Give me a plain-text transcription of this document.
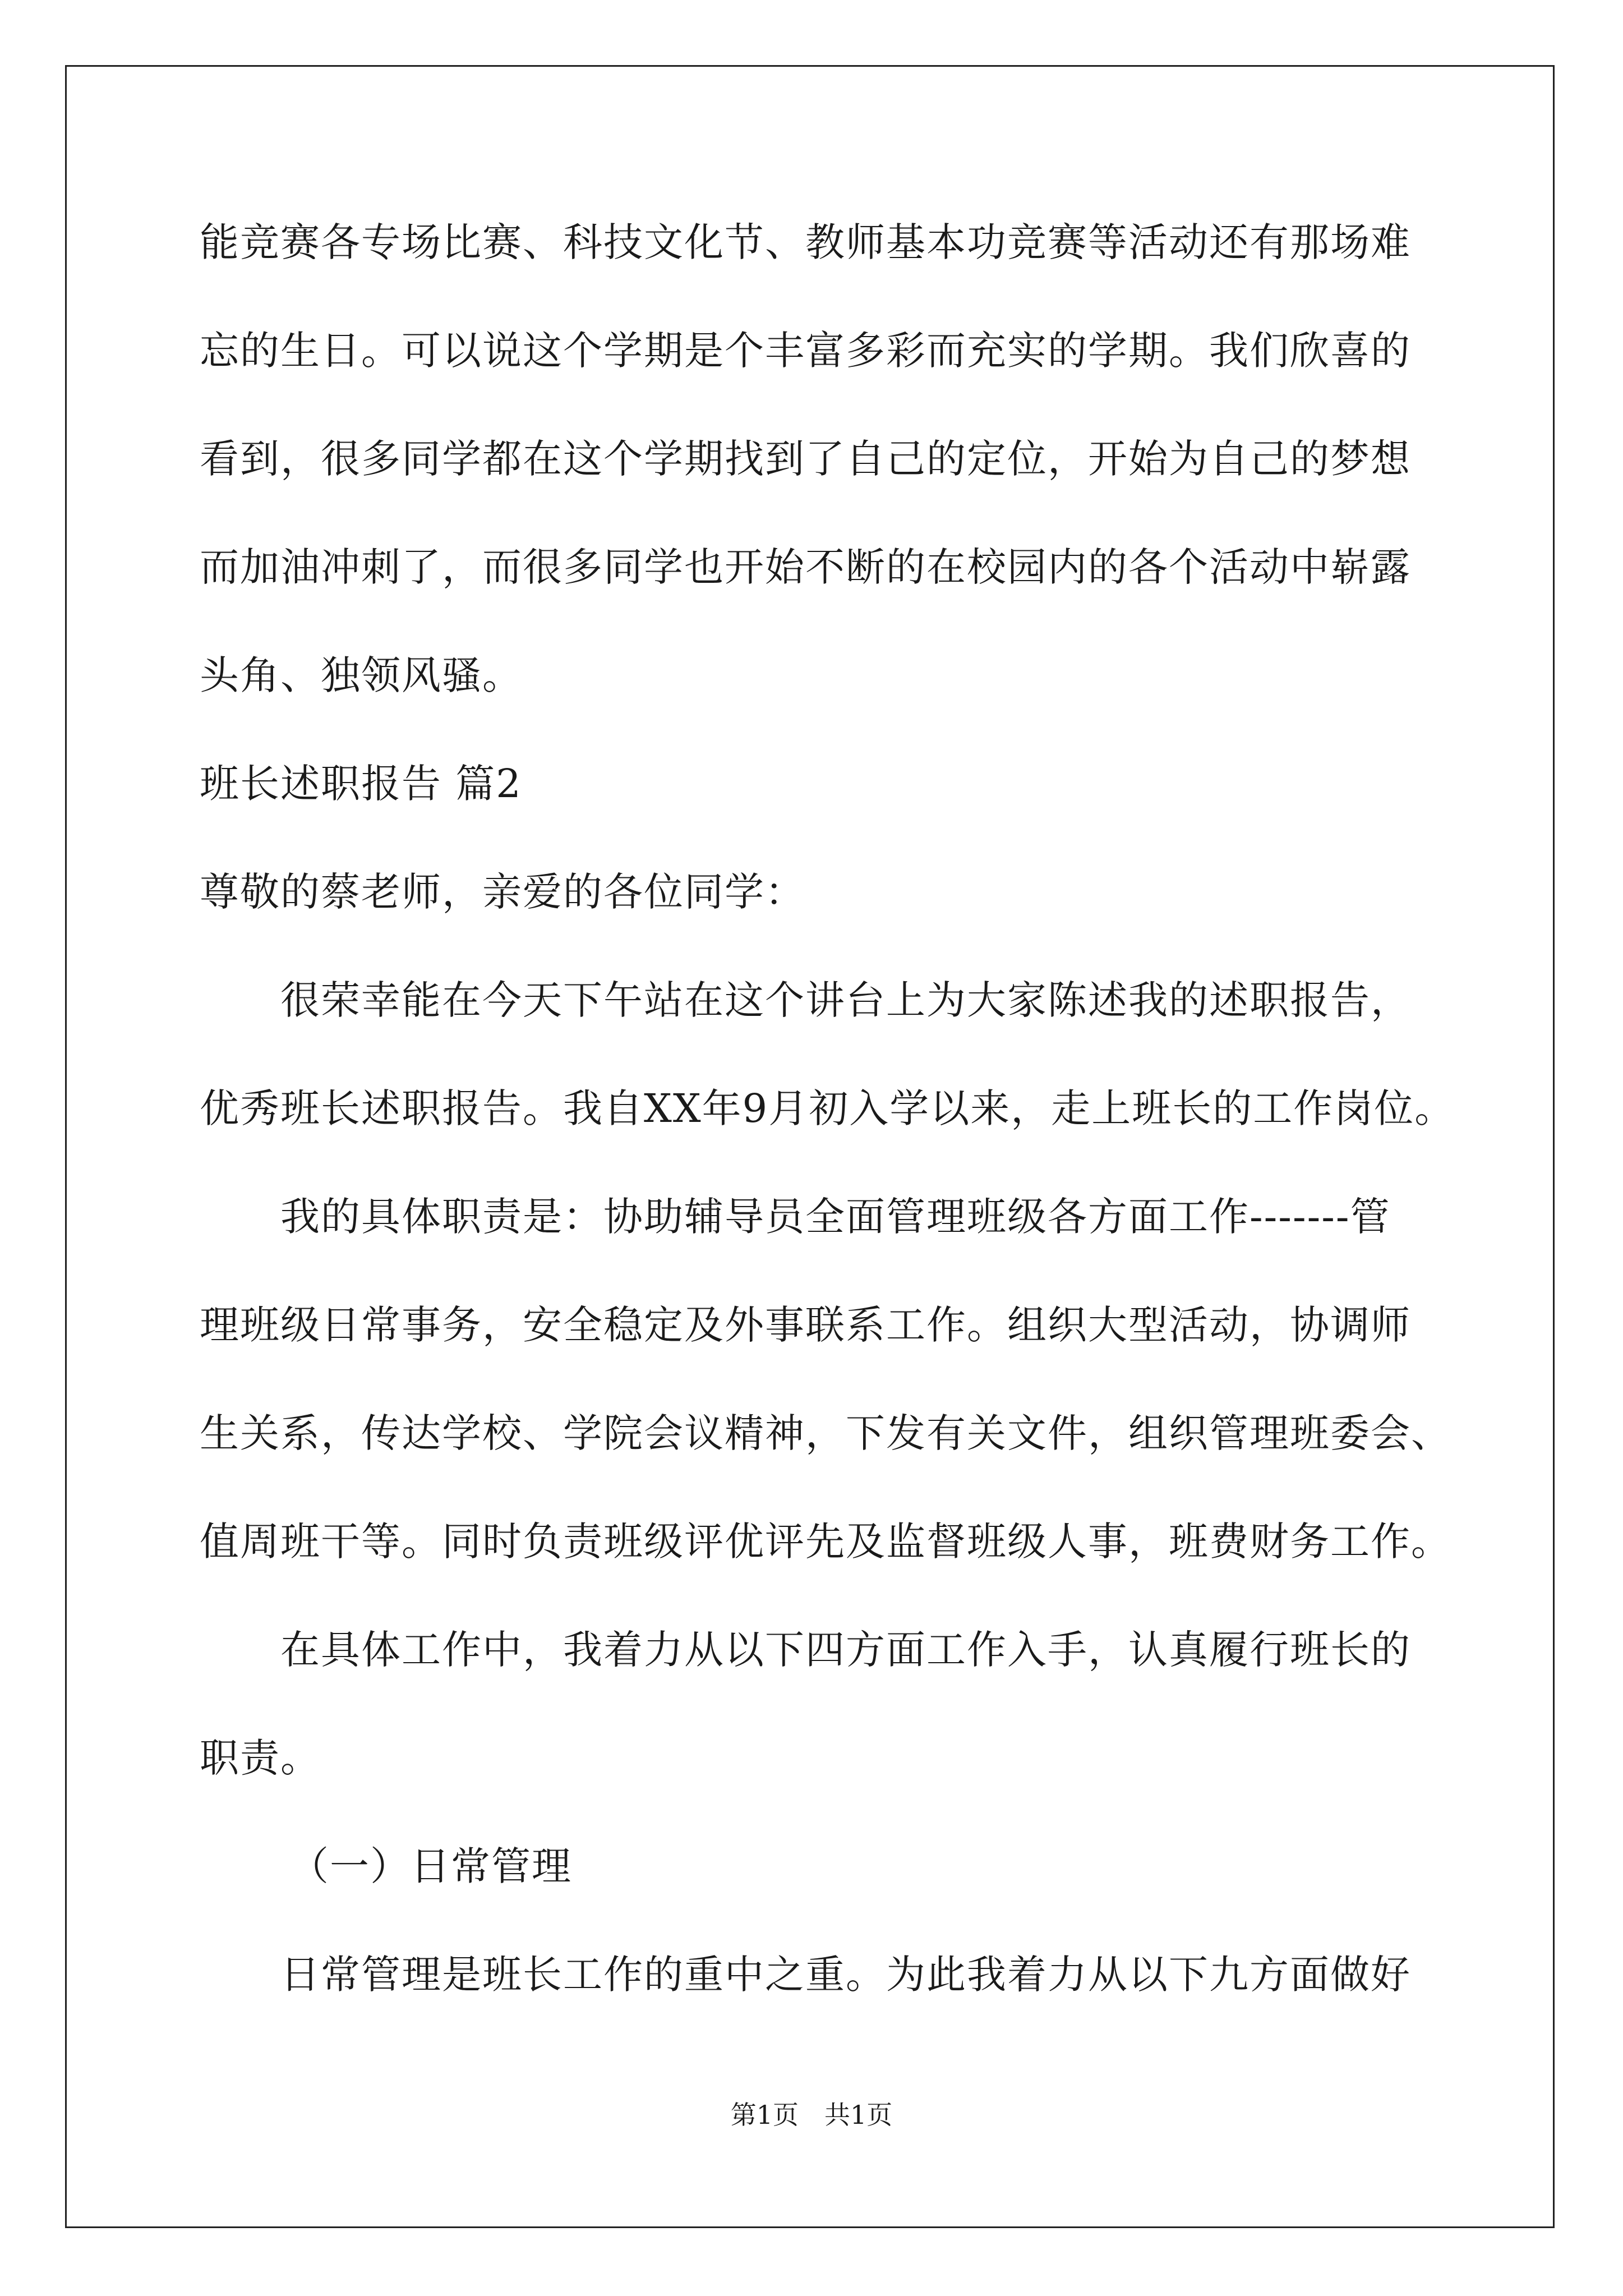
能竞赛各专场比赛、科技文化节、教师基本功竞赛等活动还有那场难
忘的生日。可以说这个学期是个丰富多彩而充实的学期。我们欣喜的
看到，很多同学都在这个学期找到了自己的定位，开始为自己的梦想
而加油冲刺了，而很多同学也开始不断的在校园内的各个活动中崭露
头角、独领风骚。
班长述职报告 篇2
尊敬的蔡老师，亲爱的各位同学：
很荣幸能在今天下午站在这个讲台上为大家陈述我的述职报告，
优秀班长述职报告。我自XX年9月初入学以来，走上班长的工作岗位。
我的具体职责是：协助辅导员全面管理班级各方面工作-------管
理班级日常事务，安全稳定及外事联系工作。组织大型活动，协调师
生关系，传达学校、学院会议精神，下发有关文件，组织管理班委会、
值周班干等。同时负责班级评优评先及监督班级人事，班费财务工作。
在具体工作中，我着力从以下四方面工作入手，认真履行班长的
职责。
（一）日常管理
日常管理是班长工作的重中之重。为此我着力从以下九方面做好
第1页　共1页
